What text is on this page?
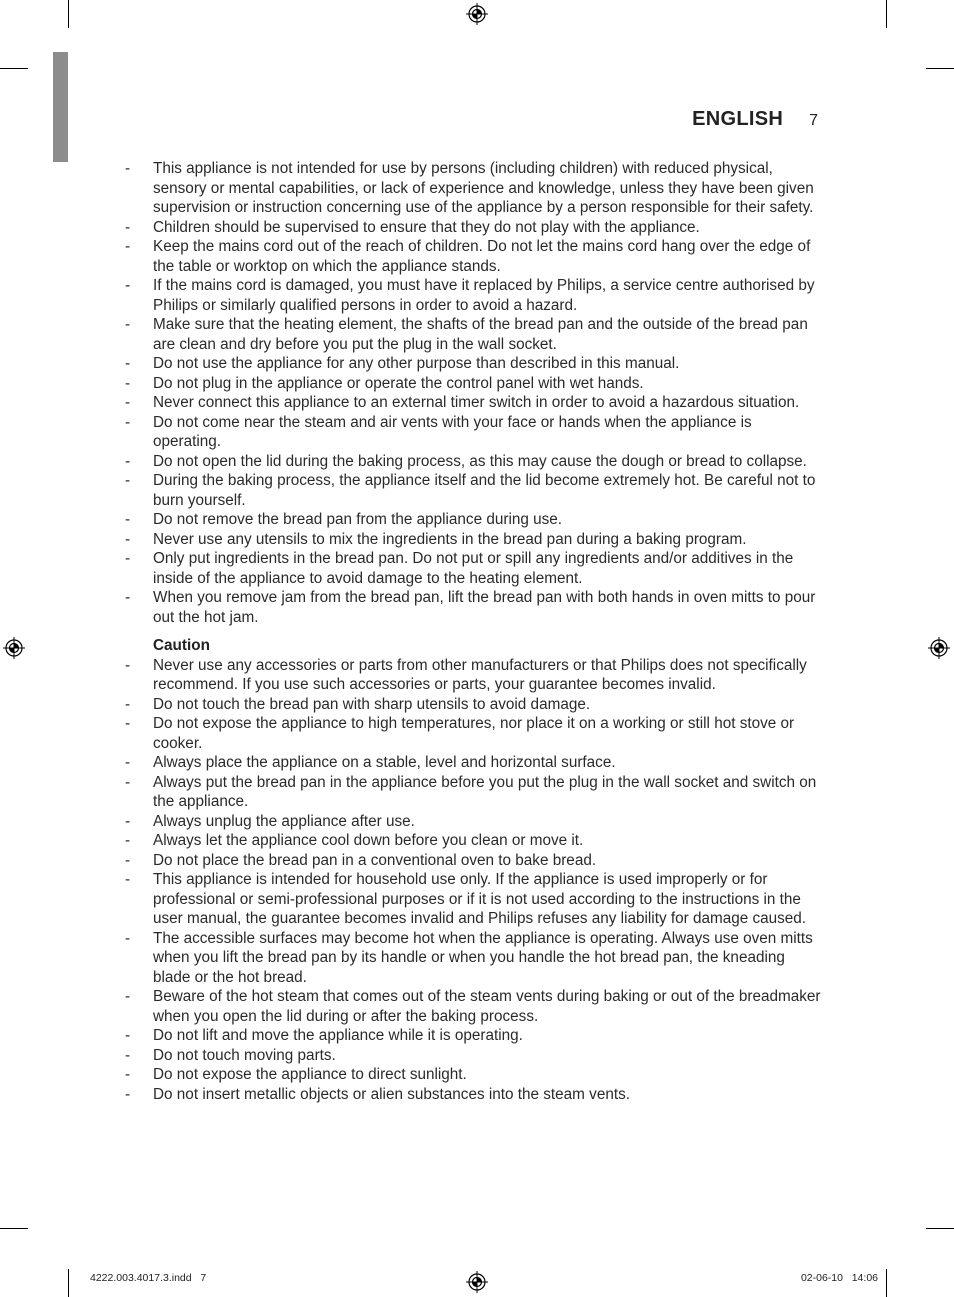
ENGLISH 7
- This appliance is not intended for use by persons (including children) with reduced physical, sensory or mental capabilities, or lack of experience and knowledge, unless they have been given supervision or instruction concerning use of the appliance by a person responsible for their safety.
- Children should be supervised to ensure that they do not play with the appliance.
- Keep the mains cord out of the reach of children. Do not let the mains cord hang over the edge of the table or worktop on which the appliance stands.
- If the mains cord is damaged, you must have it replaced by Philips, a service centre authorised by Philips or similarly qualified persons in order to avoid a hazard.
- Make sure that the heating element, the shafts of the bread pan and the outside of the bread pan are clean and dry before you put the plug in the wall socket.
- Do not use the appliance for any other purpose than described in this manual.
- Do not plug in the appliance or operate the control panel with wet hands.
- Never connect this appliance to an external timer switch in order to avoid a hazardous situation.
- Do not come near the steam and air vents with your face or hands when the appliance is operating.
- Do not open the lid during the baking process, as this may cause the dough or bread to collapse.
- During the baking process, the appliance itself and the lid become extremely hot. Be careful not to burn yourself.
- Do not remove the bread pan from the appliance during use.
- Never use any utensils to mix the ingredients in the bread pan during a baking program.
- Only put ingredients in the bread pan. Do not put or spill any ingredients and/or additives in the inside of the appliance to avoid damage to the heating element.
- When you remove jam from the bread pan, lift the bread pan with both hands in oven mitts to pour out the hot jam.
Caution
- Never use any accessories or parts from other manufacturers or that Philips does not specifically recommend. If you use such accessories or parts, your guarantee becomes invalid.
- Do not touch the bread pan with sharp utensils to avoid damage.
- Do not expose the appliance to high temperatures, nor place it on a working or still hot stove or cooker.
- Always place the appliance on a stable, level and horizontal surface.
- Always put the bread pan in the appliance before you put the plug in the wall socket and switch on the appliance.
- Always unplug the appliance after use.
- Always let the appliance cool down before you clean or move it.
- Do not place the bread pan in a conventional oven to bake bread.
- This appliance is intended for household use only. If the appliance is used improperly or for professional or semi-professional purposes or if it is not used according to the instructions in the user manual, the guarantee becomes invalid and Philips refuses any liability for damage caused.
- The accessible surfaces may become hot when the appliance is operating. Always use oven mitts when you lift the bread pan by its handle or when you handle the hot bread pan, the kneading blade or the hot bread.
- Beware of the hot steam that comes out of the steam vents during baking or out of the breadmaker when you open the lid during or after the baking process.
- Do not lift and move the appliance while it is operating.
- Do not touch moving parts.
- Do not expose the appliance to direct sunlight.
- Do not insert metallic objects or alien substances into the steam vents.
4222.003.4017.3.indd   7	02-06-10   14:06
